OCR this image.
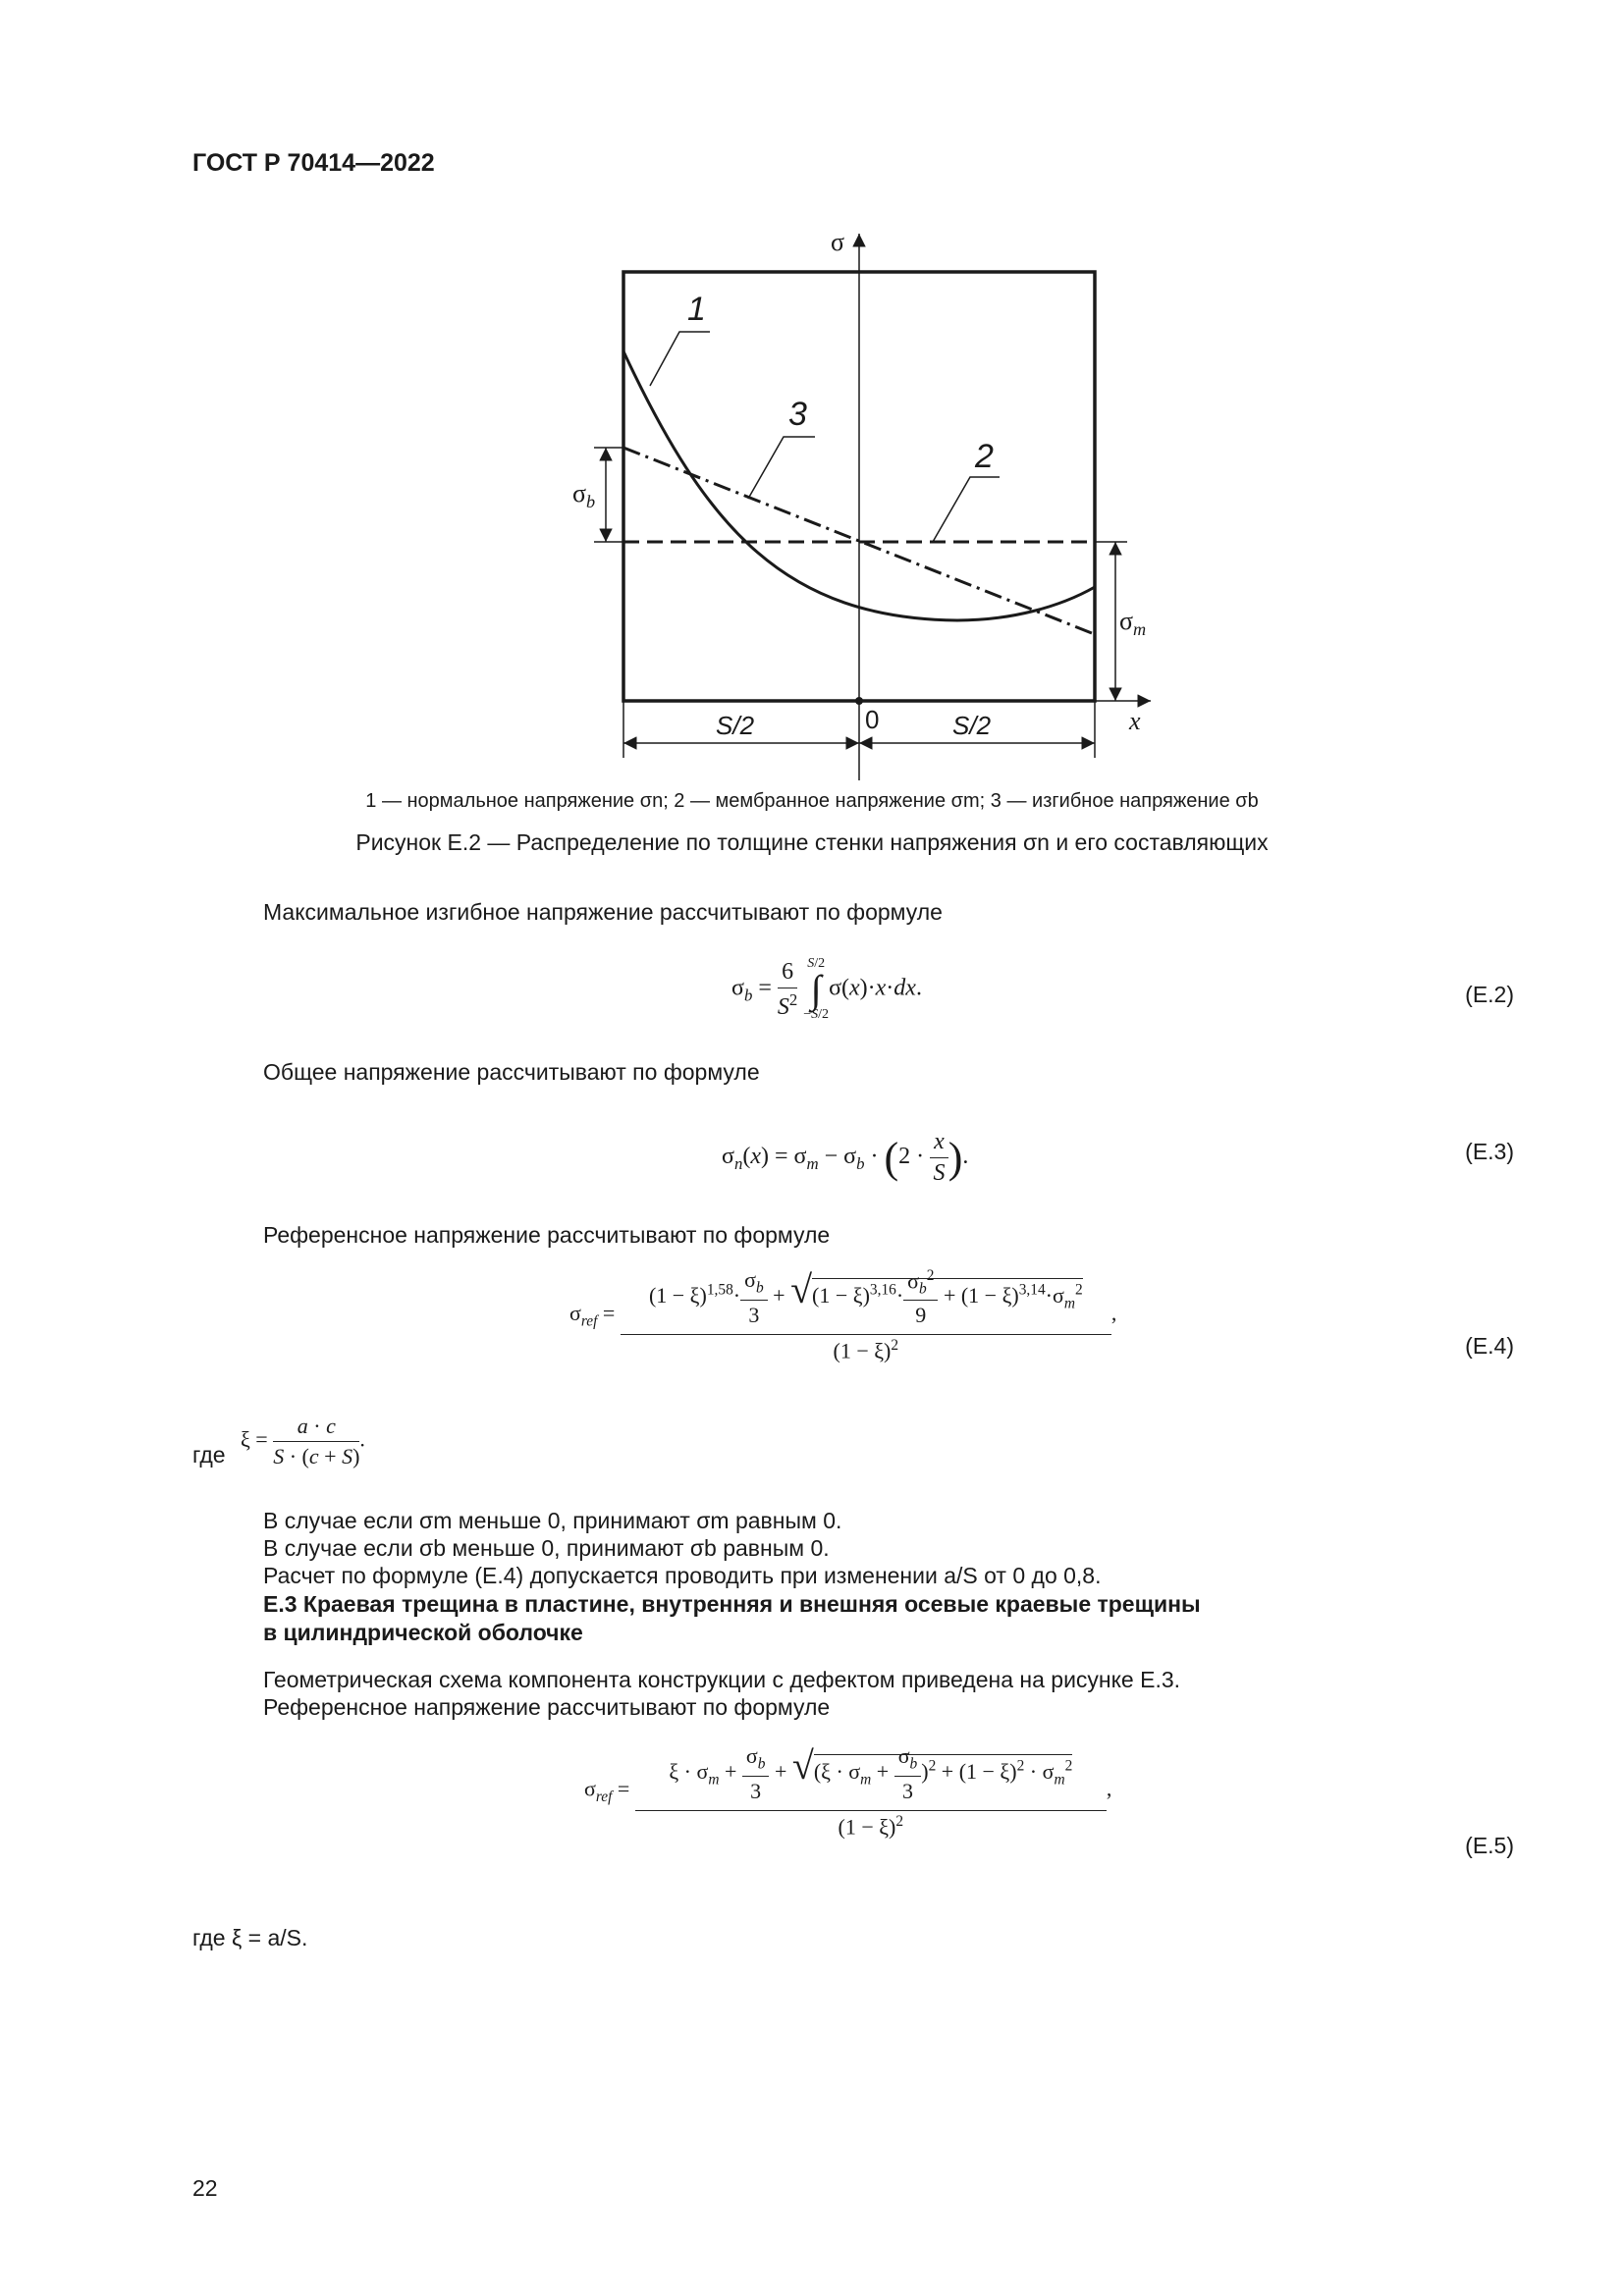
ГОСТ Р 70414—2022
σ
x
0
S/2	S/2
$\sigma_b$
$\sigma_m$
1
3
2
1 — нормальное напряжение σn; 2 — мембранное напряжение σm; 3 — изгибное напряжение σb
Рисунок Е.2 — Распределение по толщине стенки напряжения σn и его составляющих
Максимальное изгибное напряжение рассчитывают по формуле
$\sigma_b = \frac{6}{S^2} S/2$
∫
−S/2σ(x)·x·dx.	(Е.2)
Общее напряжение рассчитывают по формуле
$\sigma_n(x) = \sigma_m - \sigma_b \cdot (2 \cdot \frac{x}{S}$ ).	(Е.3)
Референсное напряжение рассчитывают по формуле
$\sigma_{ref} = \frac{(1 - \xi)^{1,58}\cdot \frac{\sigma_b}{3} + √(1 - \xi)^{3,16}\cdot \frac{\sigma_b^2}{9} + (1 - \xi)^{3,14}\cdot\sigma_m^2}{(1 - \xi)^2}$ ,
(Е.4)
где
$\xi = \frac{a \cdot c}{S \cdot (c + S)}$ .
В случае если σm меньше 0, принимают σm равным 0.
В случае если σb меньше 0, принимают σb равным 0.
Расчет по формуле (Е.4) допускается проводить при изменении a/S от 0 до 0,8.
Е.3 Краевая трещина в пластине, внутренняя и внешняя осевые краевые трещины
в цилиндрической оболочке
Геометрическая схема компонента конструкции с дефектом приведена на рисунке Е.3.
Референсное напряжение рассчитывают по формуле
$\sigma_{ref} = \frac{\xi \cdot \sigma_m + \frac{\sigma_b}{3} + √(\xi \cdot \sigma_m + \frac{\sigma_b}{3} )^2 + (1 - \xi)^2 \cdot \sigma_m^2}{(1 - \xi)^2}$ ,
(Е.5)
где ξ = a/S.
22
